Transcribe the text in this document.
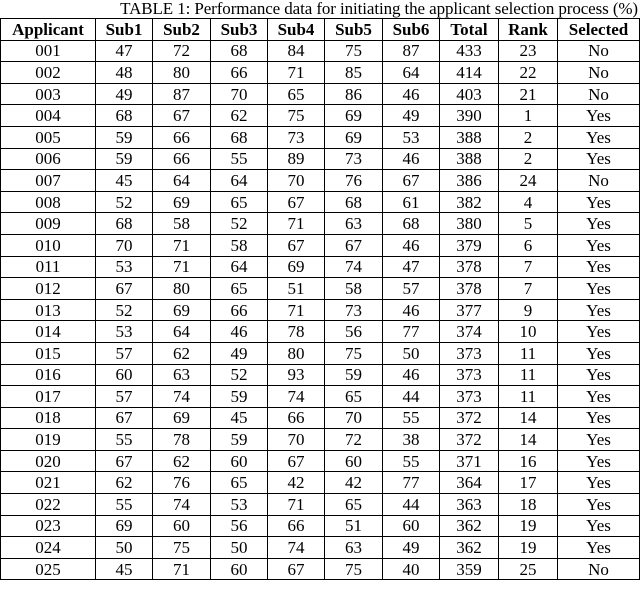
TABLE 1: Performance data for initiating the applicant selection process (%)
Applicant	Sub1	Sub2	Sub3	Sub4	Sub5	Sub6	Total	Rank	Selected
001	47	72	68	84	75	87	433	23	No
002	48	80	66	71	85	64	414	22	No
003	49	87	70	65	86	46	403	21	No
004	68	67	62	75	69	49	390	1	Yes
005	59	66	68	73	69	53	388	2	Yes
006	59	66	55	89	73	46	388	2	Yes
007	45	64	64	70	76	67	386	24	No
008	52	69	65	67	68	61	382	4	Yes
009	68	58	52	71	63	68	380	5	Yes
010	70	71	58	67	67	46	379	6	Yes
011	53	71	64	69	74	47	378	7	Yes
012	67	80	65	51	58	57	378	7	Yes
013	52	69	66	71	73	46	377	9	Yes
014	53	64	46	78	56	77	374	10	Yes
015	57	62	49	80	75	50	373	11	Yes
016	60	63	52	93	59	46	373	11	Yes
017	57	74	59	74	65	44	373	11	Yes
018	67	69	45	66	70	55	372	14	Yes
019	55	78	59	70	72	38	372	14	Yes
020	67	62	60	67	60	55	371	16	Yes
021	62	76	65	42	42	77	364	17	Yes
022	55	74	53	71	65	44	363	18	Yes
023	69	60	56	66	51	60	362	19	Yes
024	50	75	50	74	63	49	362	19	Yes
025	45	71	60	67	75	40	359	25	No
